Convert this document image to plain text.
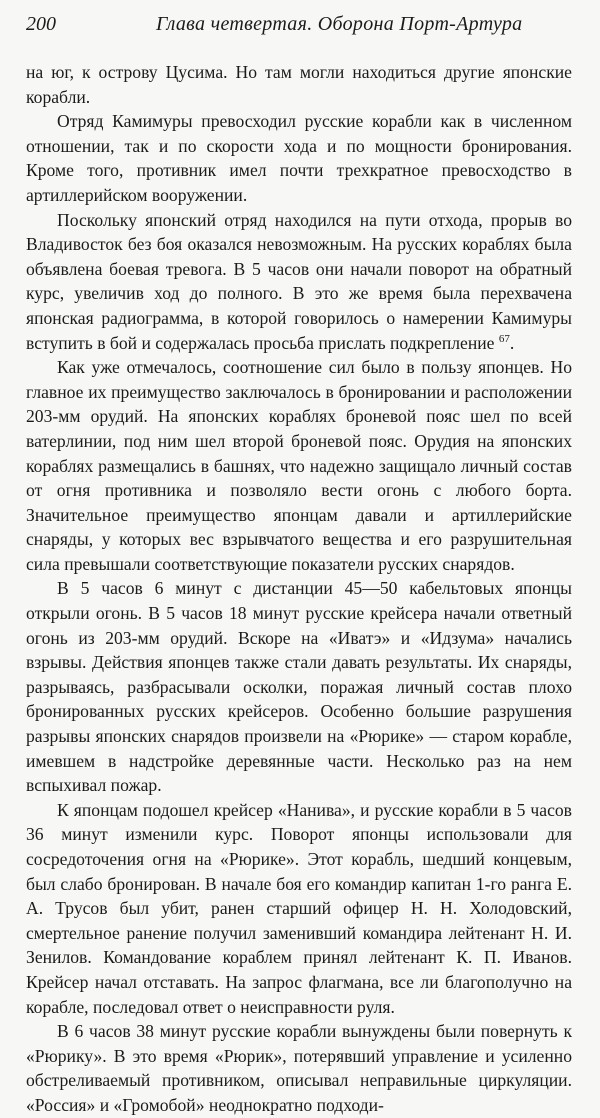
200	Глава четвертая. Оборона Порт-Артура

на юг, к острову Цусима. Но там могли находиться другие японские корабли.

Отряд Камимуры превосходил русские корабли как в численном отношении, так и по скорости хода и по мощности бронирования. Кроме того, противник имел почти трехкратное превосходство в артиллерийском вооружении.

Поскольку японский отряд находился на пути отхода, прорыв во Владивосток без боя оказался невозможным. На русских кораблях была объявлена боевая тревога. В 5 часов они начали поворот на обратный курс, увеличив ход до полного. В это же время была перехвачена японская радиограмма, в которой говорилось о намерении Камимуры вступить в бой и содержалась просьба прислать подкрепление $^{67}$.

Как уже отмечалось, соотношение сил было в пользу японцев. Но главное их преимущество заключалось в бронировании и расположении 203-мм орудий. На японских кораблях броневой пояс шел по всей ватерлинии, под ним шел второй броневой пояс. Орудия на японских кораблях размещались в башнях, что надежно защищало личный состав от огня противника и позволяло вести огонь с любого борта. Значительное преимущество японцам давали и артиллерийские снаряды, у которых вес взрывчатого вещества и его разрушительная сила превышали соответствующие показатели русских снарядов.

В 5 часов 6 минут с дистанции 45—50 кабельтовых японцы открыли огонь. В 5 часов 18 минут русские крейсера начали ответный огонь из 203-мм орудий. Вскоре на «Иватэ» и «Идзума» начались взрывы. Действия японцев также стали давать результаты. Их снаряды, разрываясь, разбрасывали осколки, поражая личный состав плохо бронированных русских крейсеров. Особенно большие разрушения разрывы японских снарядов произвели на «Рюрике» — старом корабле, имевшем в надстройке деревянные части. Несколько раз на нем вспыхивал пожар.

К японцам подошел крейсер «Нанива», и русские корабли в 5 часов 36 минут изменили курс. Поворот японцы использовали для сосредоточения огня на «Рюрике». Этот корабль, шедший концевым, был слабо бронирован. В начале боя его командир капитан 1-го ранга Е. А. Трусов был убит, ранен старший офицер Н. Н. Холодовский, смертельное ранение получил заменивший командира лейтенант Н. И. Зенилов. Командование кораблем принял лейтенант К. П. Иванов. Крейсер начал отставать. На запрос флагмана, все ли благополучно на корабле, последовал ответ о неисправности руля.

В 6 часов 38 минут русские корабли вынуждены были повернуть к «Рюрику». В это время «Рюрик», потерявший управление и усиленно обстреливаемый противником, описывал неправильные циркуляции. «Россия» и «Громобой» неоднократно подходи-
